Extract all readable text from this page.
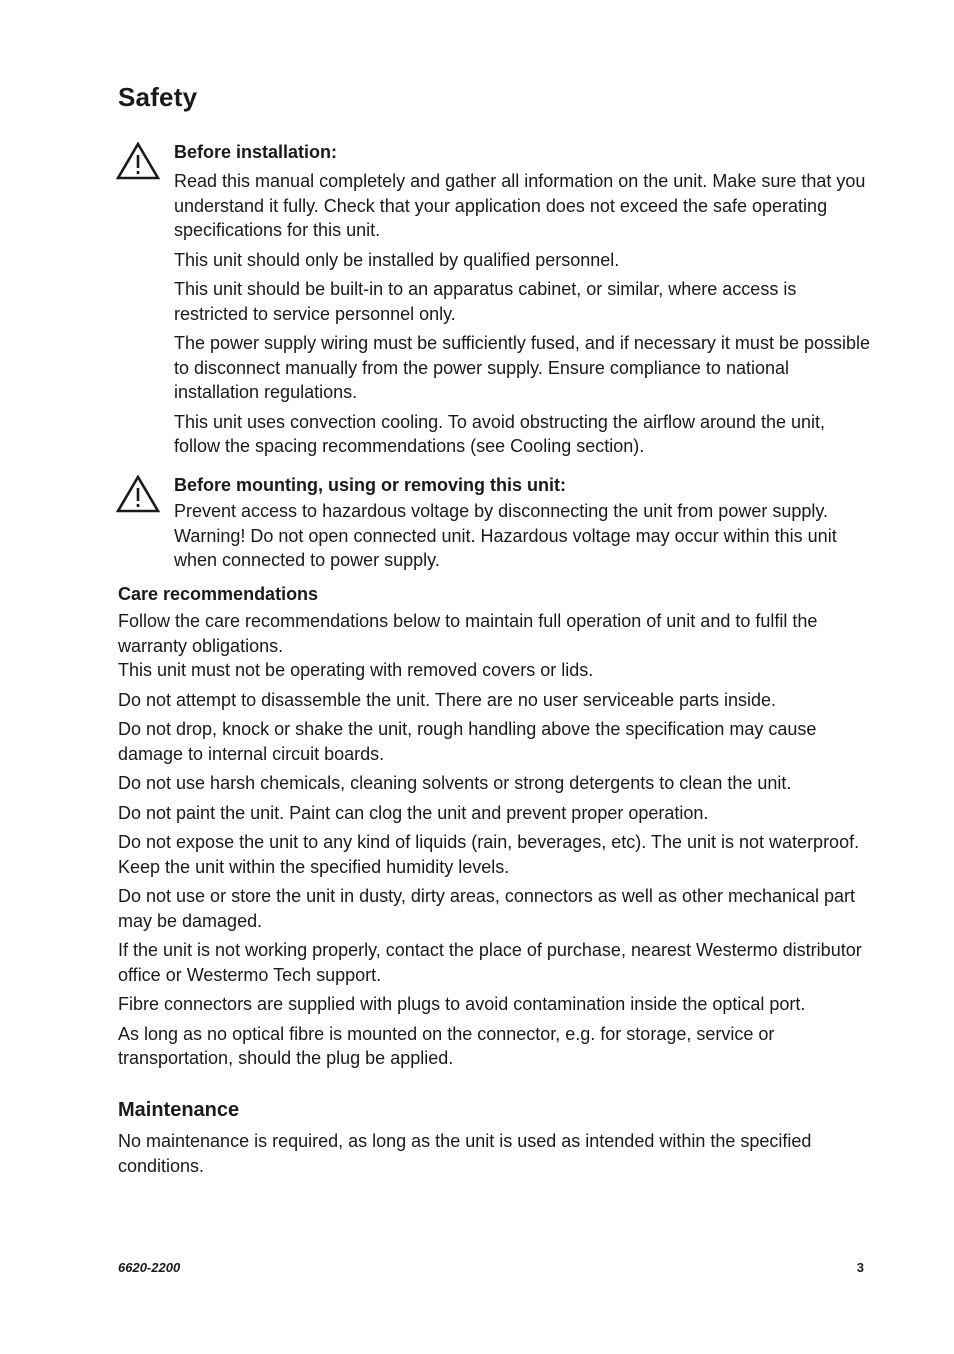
Safety
Before installation:

Read this manual completely and gather all information on the unit. Make sure that you understand it fully. Check that your application does not exceed the safe operating specifications for this unit.

This unit should only be installed by qualified personnel.

This unit should be built-in to an apparatus cabinet, or similar, where access is restricted to service personnel only.

The power supply wiring must be sufficiently fused, and if necessary it must be possible to disconnect manually from the power supply. Ensure compliance to national installation regulations.

This unit uses convection cooling. To avoid obstructing the airflow around the unit, follow the spacing recommendations (see Cooling section).

Before mounting, using or removing this unit:

Prevent access to hazardous voltage by disconnecting the unit from power supply. Warning! Do not open connected unit. Hazardous voltage may occur within this unit when connected to power supply.

Care recommendations

Follow the care recommendations below to maintain full operation of unit and to fulfil the warranty obligations.

This unit must not be operating with removed covers or lids.

Do not attempt to disassemble the unit. There are no user serviceable parts inside.

Do not drop, knock or shake the unit, rough handling above the specification may cause damage to internal circuit boards.

Do not use harsh chemicals, cleaning solvents or strong detergents to clean the unit.

Do not paint the unit. Paint can clog the unit and prevent proper operation.

Do not expose the unit to any kind of liquids (rain, beverages, etc). The unit is not waterproof. Keep the unit within the specified humidity levels.

Do not use or store the unit in dusty, dirty areas, connectors as well as other mechanical part may be damaged.

If the unit is not working properly, contact the place of purchase, nearest Westermo distributor office or Westermo Tech support.

Fibre connectors are supplied with plugs to avoid contamination inside the optical port.

As long as no optical fibre is mounted on the connector, e.g. for storage, service or transportation, should the plug be applied.

Maintenance

No maintenance is required, as long as the unit is used as intended within the specified conditions.

6620-2200	3
